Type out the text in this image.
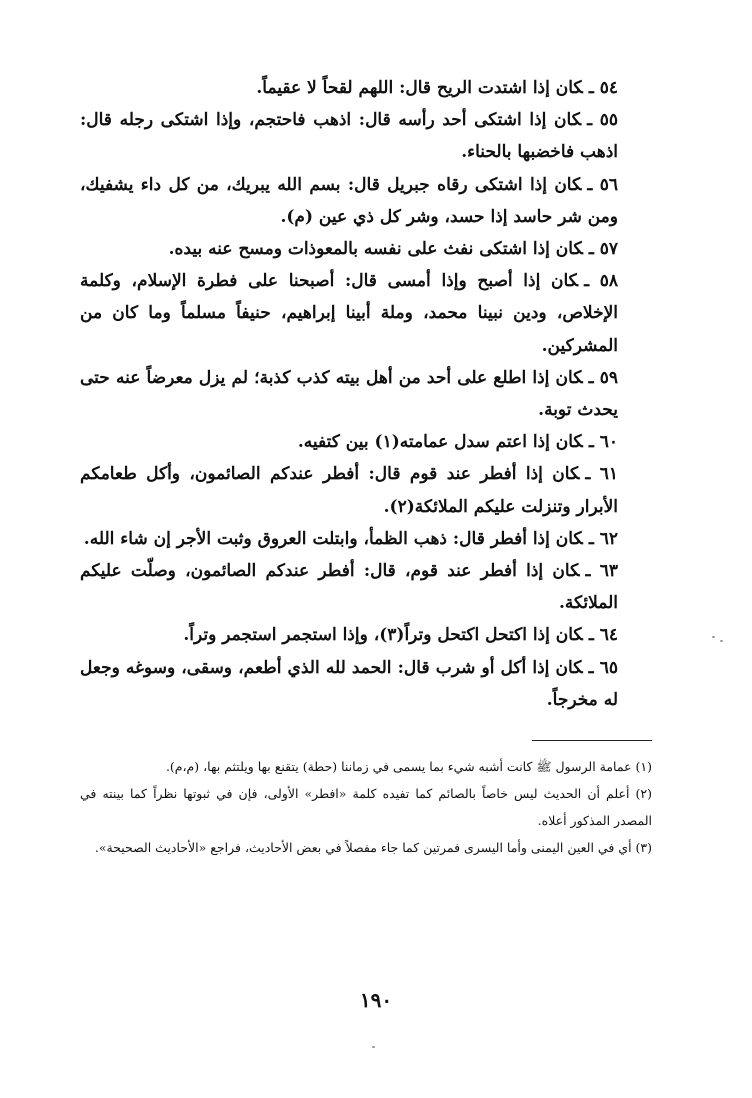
٥٤ ـكان إذا اشتدت الريح قال: اللهم لقحاً لا عقيماً.

٥٥ ـكان إذا اشتكى أحد رأسه قال: اذهب فاحتجم، وإذا اشتكى رجله قال: اذهب فاخضبها بالحناء.

٥٦ ـكان إذا اشتكى رقاه جبريل قال: بسم الله يبريك، من كل داء يشفيك، ومن شر حاسد إذا حسد، وشر كل ذي عين (م).

٥٧ ـكان إذا اشتكى نفث على نفسه بالمعوذات ومسح عنه بيده.

٥٨ ـكان إذا أصبح وإذا أمسى قال: أصبحنا على فطرة الإسلام، وكلمة الإخلاص، ودين نبينا محمد، وملة أبينا إبراهيم، حنيفاً مسلماً وما كان من المشركين.

٥٩ ـكان إذا اطلع على أحد من أهل بيته كذب كذبة؛ لم يزل معرضاً عنه حتى يحدث توبة.

٦٠ ـكان إذا اعتم سدل عمامته(١) بين كتفيه.

٦١ ـكان إذا أفطر عند قوم قال: أفطر عندكم الصائمون، وأكل طعامكم الأبرار وتنزلت عليكم الملائكة(٢).

٦٢ ـكان إذا أفطر قال: ذهب الظمأ، وابتلت العروق وثبت الأجر إن شاء الله.

٦٣ ـكان إذا أفطر عند قوم، قال: أفطر عندكم الصائمون، وصلّت عليكم الملائكة.

٦٤ ـكان إذا اكتحل اكتحل وتراً(٣)، وإذا استجمر استجمر وتراً.

٦٥ ـكان إذا أكل أو شرب قال: الحمد لله الذي أطعم، وسقى، وسوغه وجعل له مخرجاً.

(١) عمامة الرسول ﷺ كانت أشبه شيء بما يسمى في زماننا (حطة) يتقنع بها ويلتثم بها، (م،م).

(٢) أعلم أن الحديث ليس خاصاً بالصائم كما تفيده كلمة «افطر» الأولى، فإن في ثبوتها نظراً كما بينته في المصدر المذكور أعلاه.

(٣) أي في العين اليمنى وأما اليسرى فمرتين كما جاء مفصلاً في بعض الأحاديث، فراجع «الأحاديث الصحيحة».

١٩٠
